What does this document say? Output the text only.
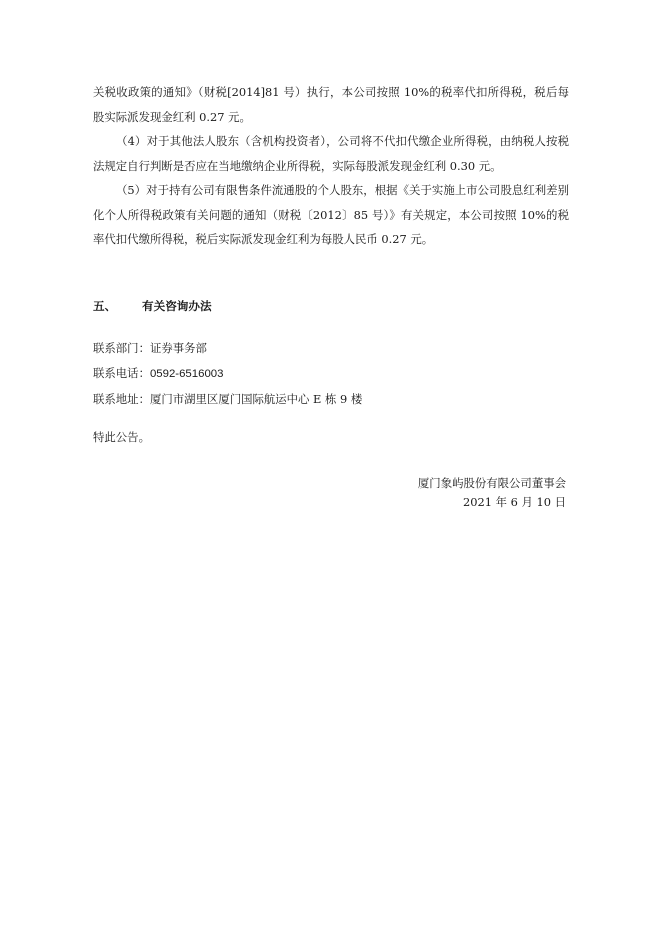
关税收政策的通知》（财税[2014]81 号）执行，本公司按照 10%的税率代扣所得税，税后每股实际派发现金红利 0.27 元。

（4）对于其他法人股东（含机构投资者），公司将不代扣代缴企业所得税，由纳税人按税法规定自行判断是否应在当地缴纳企业所得税，实际每股派发现金红利 0.30 元。

（5）对于持有公司有限售条件流通股的个人股东，根据《关于实施上市公司股息红利差别化个人所得税政策有关问题的通知（财税〔2012〕85 号）》有关规定，本公司按照 10%的税率代扣代缴所得税，税后实际派发现金红利为每股人民币 0.27 元。

五、 有关咨询办法

联系部门：证券事务部

联系电话：0592-6516003

联系地址：厦门市湖里区厦门国际航运中心 E 栋 9 楼

特此公告。

厦门象屿股份有限公司董事会

2021 年 6 月 10 日
